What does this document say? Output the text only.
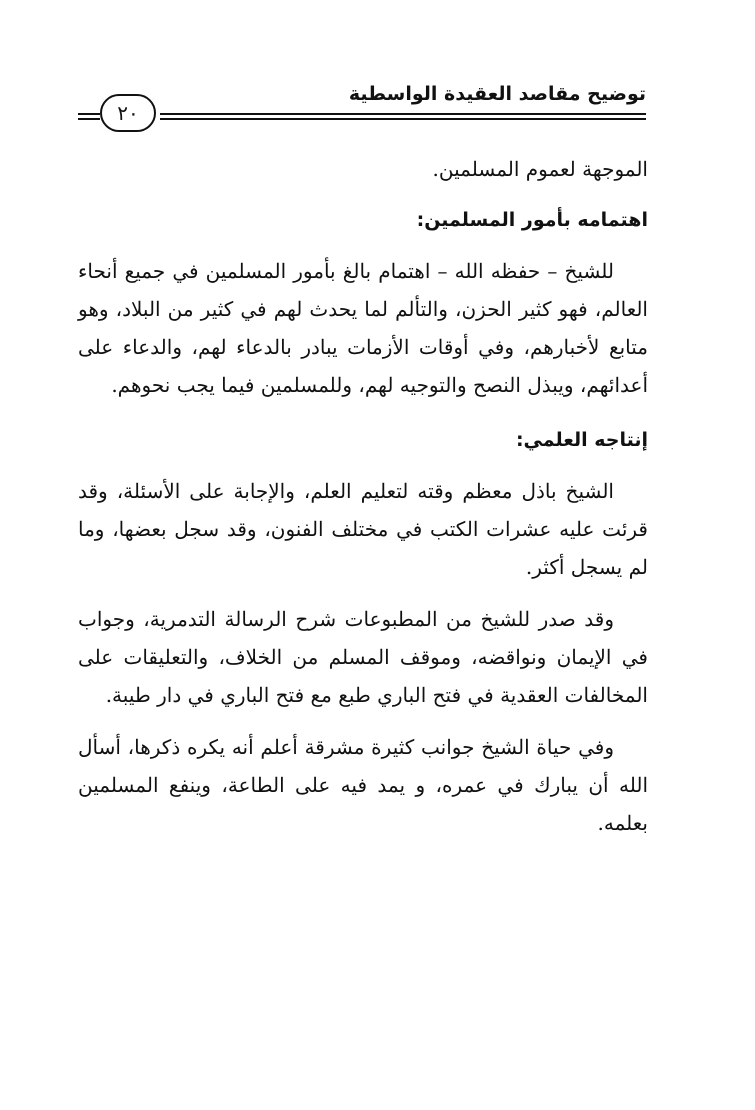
توضيح مقاصد العقيدة الواسطية
٢٠

الموجهة لعموم المسلمين.

اهتمامه بأمور المسلمين:

للشيخ – حفظه الله – اهتمام بالغ بأمور المسلمين في جميع أنحاء العالم، فهو كثير الحزن، والتألم لما يحدث لهم في كثير من البلاد، وهو متابع لأخبارهم، وفي أوقات الأزمات يبادر بالدعاء لهم، والدعاء على أعدائهم، ويبذل النصح والتوجيه لهم، وللمسلمين فيما يجب نحوهم.

إنتاجه العلمي:

الشيخ باذل معظم وقته لتعليم العلم، والإجابة على الأسئلة، وقد قرئت عليه عشرات الكتب في مختلف الفنون، وقد سجل بعضها، وما لم يسجل أكثر.

وقد صدر للشيخ من المطبوعات شرح الرسالة التدمرية، وجواب في الإيمان ونواقضه، وموقف المسلم من الخلاف، والتعليقات على المخالفات العقدية في فتح الباري طبع مع فتح الباري في دار طيبة.

وفي حياة الشيخ جوانب كثيرة مشرقة أعلم أنه يكره ذكرها، أسأل الله أن يبارك في عمره، و يمد فيه على الطاعة، وينفع المسلمين بعلمه.
